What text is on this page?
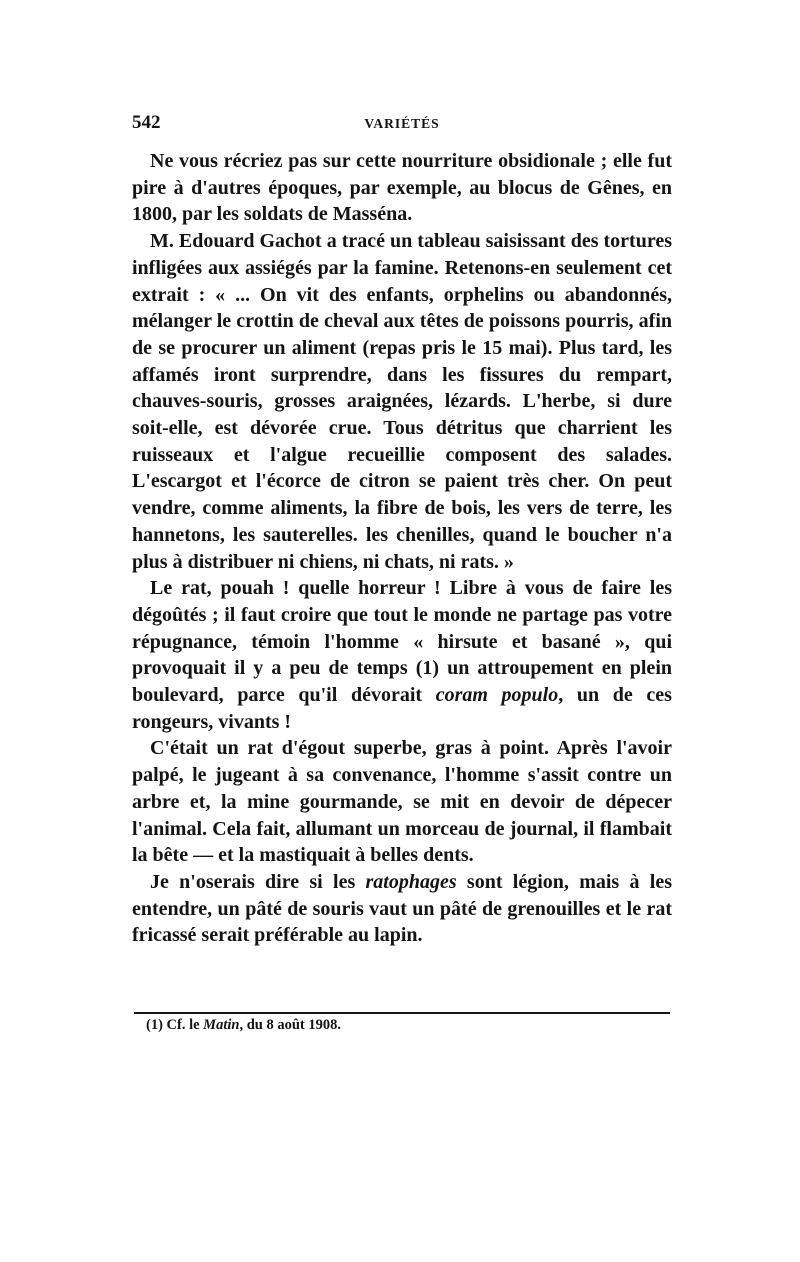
542	VARIÉTÉS

Ne vous récriez pas sur cette nourriture obsidionale ; elle fut pire à d'autres époques, par exemple, au blocus de Gênes, en 1800, par les soldats de Masséna.

M. Edouard Gachot a tracé un tableau saisissant des tortures infligées aux assiégés par la famine. Retenons-en seulement cet extrait : « ... On vit des enfants, orphelins ou abandonnés, mélanger le crottin de cheval aux têtes de poissons pourris, afin de se procurer un aliment (repas pris le 15 mai). Plus tard, les affamés iront surprendre, dans les fissures du rempart, chauves-souris, grosses araignées, lézards. L'herbe, si dure soit-elle, est dévorée crue. Tous détritus que charrient les ruisseaux et l'algue recueillie composent des salades. L'escargot et l'écorce de citron se paient très cher. On peut vendre, comme aliments, la fibre de bois, les vers de terre, les hannetons, les sauterelles. les chenilles, quand le boucher n'a plus à distribuer ni chiens, ni chats, ni rats. »

Le rat, pouah ! quelle horreur ! Libre à vous de faire les dégoûtés ; il faut croire que tout le monde ne partage pas votre répugnance, témoin l'homme « hirsute et basané », qui provoquait il y a peu de temps (1) un attroupement en plein boulevard, parce qu'il dévorait coram populo, un de ces rongeurs, vivants !

C'était un rat d'égout superbe, gras à point. Après l'avoir palpé, le jugeant à sa convenance, l'homme s'assit contre un arbre et, la mine gourmande, se mit en devoir de dépecer l'animal. Cela fait, allumant un morceau de journal, il flambait la bête — et la mastiquait à belles dents.

Je n'oserais dire si les ratophages sont légion, mais à les entendre, un pâté de souris vaut un pâté de grenouilles et le rat fricassé serait préférable au lapin.

(1) Cf. le Matin, du 8 août 1908.
